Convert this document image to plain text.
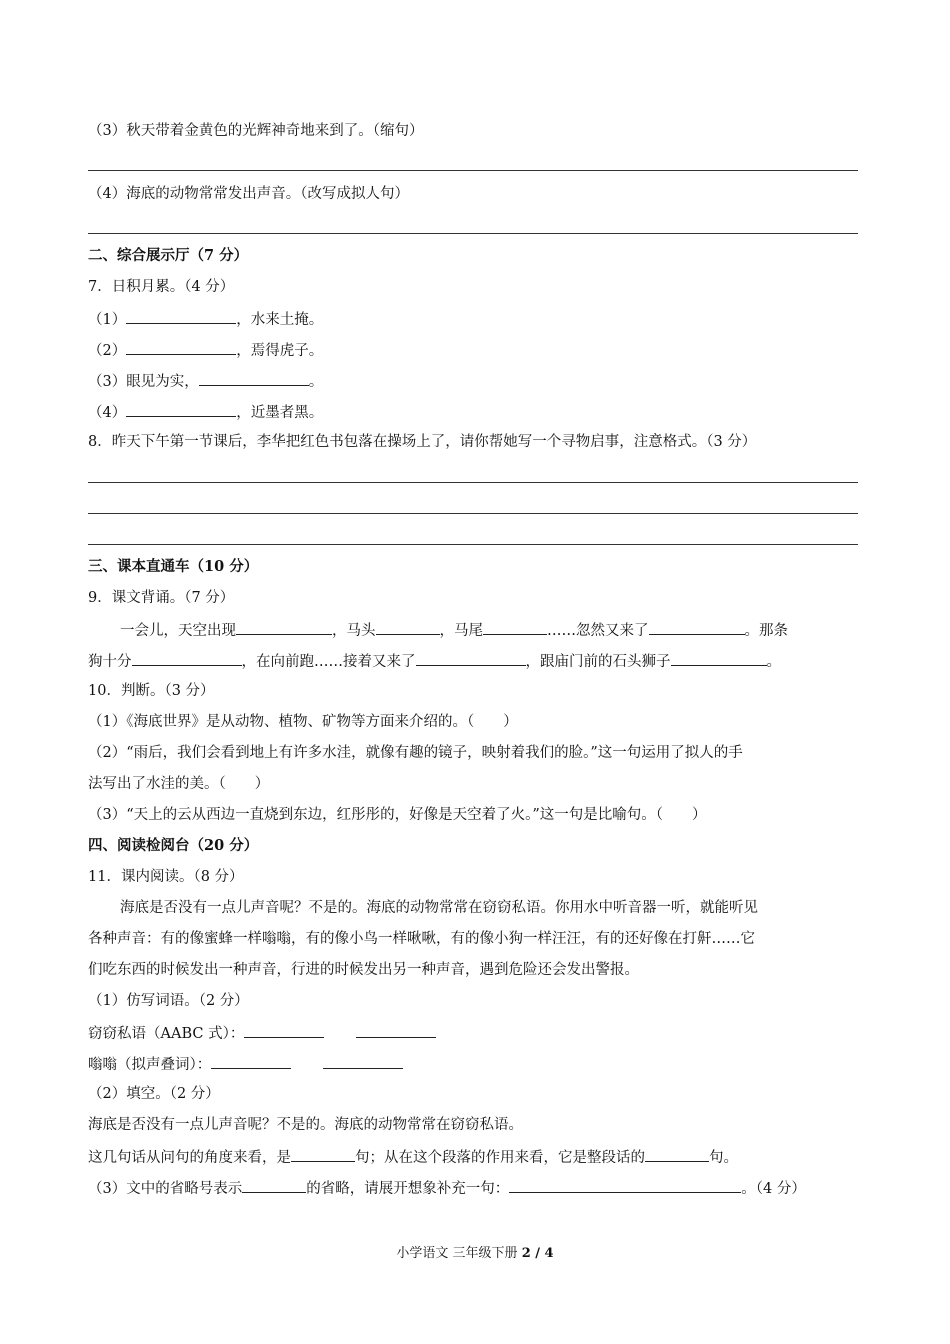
（3）秋天带着金黄色的光辉神奇地来到了。（缩句）
（4）海底的动物常常发出声音。（改写成拟人句）
二、综合展示厅（7 分）
7．日积月累。（4 分）
（1）	，水来土掩。
（2）	，焉得虎子。
（3）眼见为实，	。
（4）	，近墨者黑。
8．昨天下午第一节课后，李华把红色书包落在操场上了，请你帮她写一个寻物启事，注意格式。（3 分）
三、课本直通车（10 分）
9．课文背诵。（7 分）
一会儿，天空出现	，马头	，马尾	……忽然又来了	。那条
狗十分	，在向前跑……接着又来了	，跟庙门前的石头狮子	。
10．判断。（3 分）
（1）《海底世界》是从动物、植物、矿物等方面来介绍的。（　　）
（2）“雨后，我们会看到地上有许多水洼，就像有趣的镜子，映射着我们的脸。”这一句运用了拟人的手
法写出了水洼的美。（　　）
（3）“天上的云从西边一直烧到东边，红彤彤的，好像是天空着了火。”这一句是比喻句。（　　）
四、阅读检阅台（20 分）
11．课内阅读。（8 分）
海底是否没有一点儿声音呢？不是的。海底的动物常常在窃窃私语。你用水中听音器一听，就能听见
各种声音：有的像蜜蜂一样嗡嗡，有的像小鸟一样啾啾，有的像小狗一样汪汪，有的还好像在打鼾……它
们吃东西的时候发出一种声音，行进的时候发出另一种声音，遇到危险还会发出警报。
（1）仿写词语。（2 分）
窃窃私语（AABC 式）：
嗡嗡（拟声叠词）：
（2）填空。（2 分）
海底是否没有一点儿声音呢？不是的。海底的动物常常在窃窃私语。
这几句话从问句的角度来看，是	句；从在这个段落的作用来看，它是整段话的	句。
（3）文中的省略号表示	的省略，请展开想象补充一句：	。（4 分）
小学语文 三年级下册 2 / 4
